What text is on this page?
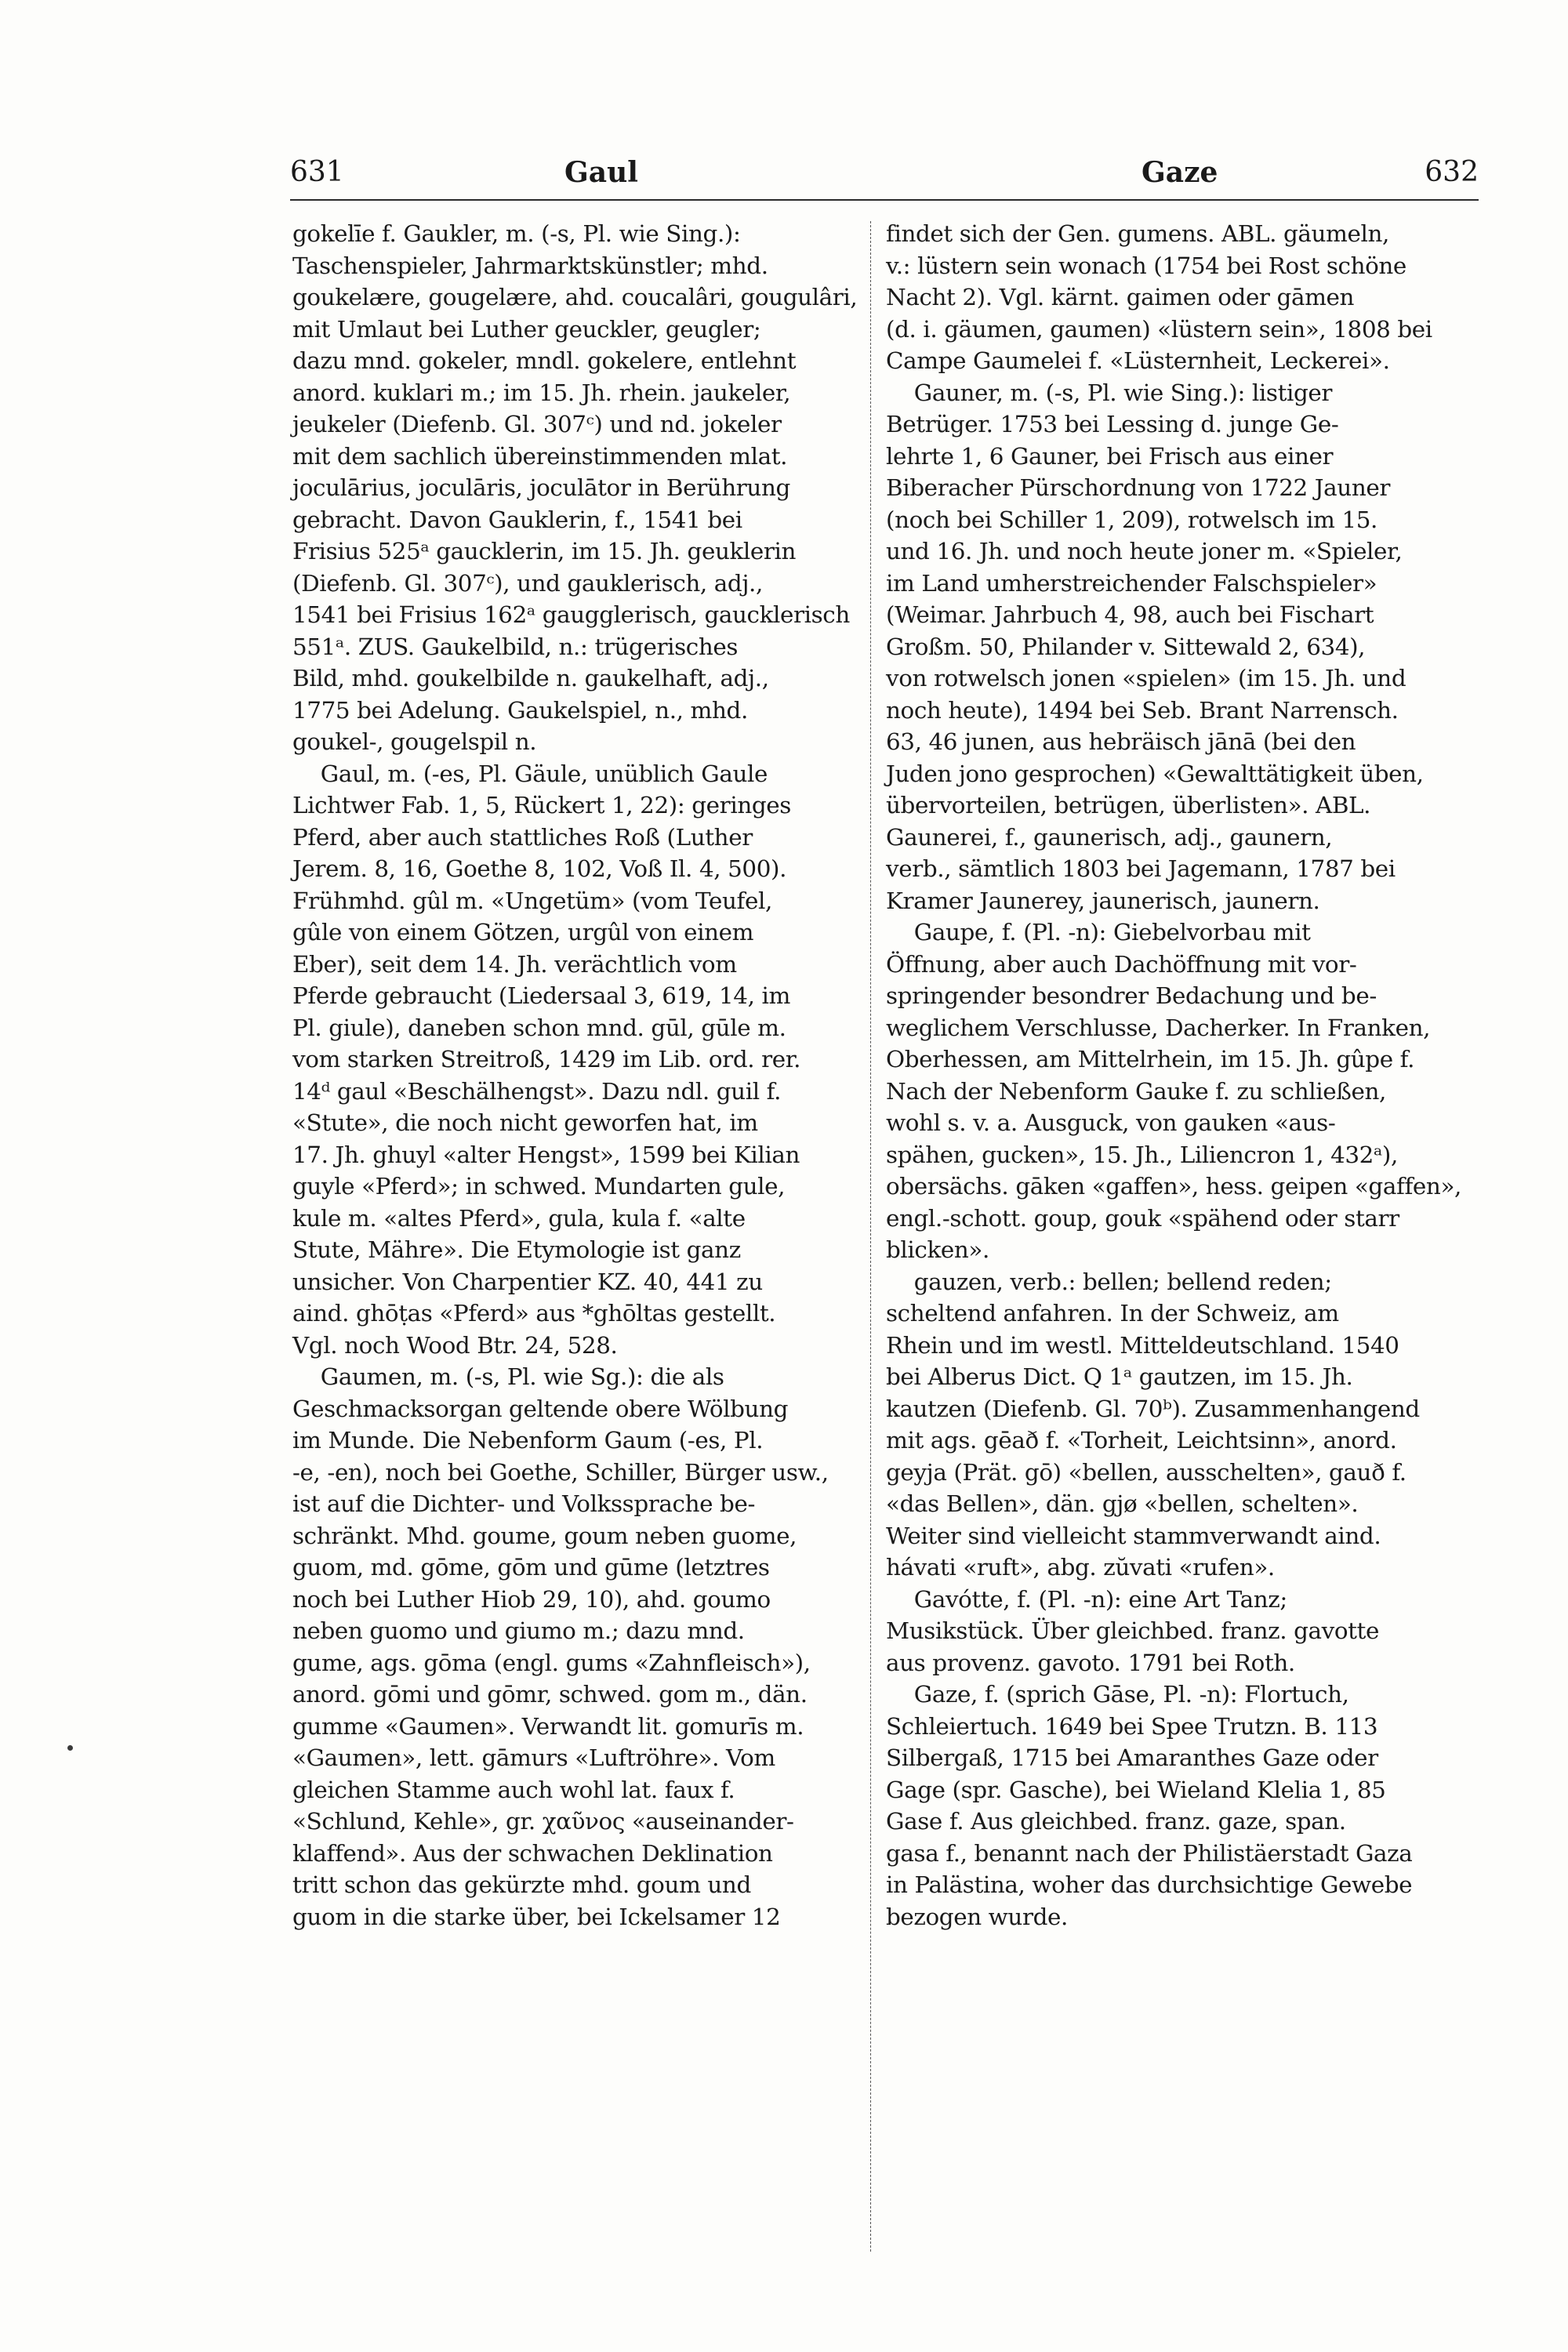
631	Gaul	Gaze	632
gokelīe f. Gaukler, m. (-s, Pl. wie Sing.):
Taschenspieler, Jahrmarktskünstler; mhd.
goukelære, gougelære, ahd. coucalâri, gougulâri,
mit Umlaut bei Luther geuckler, geugler;
dazu mnd. gokeler, mndl. gokelere, entlehnt
anord. kuklari m.; im 15. Jh. rhein. jaukeler,
jeukeler (Diefenb. Gl. 307ᶜ) und nd. jokeler
mit dem sachlich übereinstimmenden mlat.
joculārius, joculāris, joculātor in Berührung
gebracht. Davon Gauklerin, f., 1541 bei
Frisius 525ᵃ gaucklerin, im 15. Jh. geuklerin
(Diefenb. Gl. 307ᶜ), und gauklerisch, adj.,
1541 bei Frisius 162ᵃ gaugglerisch, gaucklerisch
551ᵃ. ZUS. Gaukelbild, n.: trügerisches
Bild, mhd. goukelbilde n. gaukelhaft, adj.,
1775 bei Adelung. Gaukelspiel, n., mhd.
goukel-, gougelspil n.
Gaul, m. (-es, Pl. Gäule, unüblich Gaule
Lichtwer Fab. 1, 5, Rückert 1, 22): geringes
Pferd, aber auch stattliches Roß (Luther
Jerem. 8, 16, Goethe 8, 102, Voß Il. 4, 500).
Frühmhd. gûl m. «Ungetüm» (vom Teufel,
gûle von einem Götzen, urgûl von einem
Eber), seit dem 14. Jh. verächtlich vom
Pferde gebraucht (Liedersaal 3, 619, 14, im
Pl. giule), daneben schon mnd. gūl, gūle m.
vom starken Streitroß, 1429 im Lib. ord. rer.
14ᵈ gaul «Beschälhengst». Dazu ndl. guil f.
«Stute», die noch nicht geworfen hat, im
17. Jh. ghuyl «alter Hengst», 1599 bei Kilian
guyle «Pferd»; in schwed. Mundarten gule,
kule m. «altes Pferd», gula, kula f. «alte
Stute, Mähre». Die Etymologie ist ganz
unsicher. Von Charpentier KZ. 40, 441 zu
aind. ghōṭas «Pferd» aus *ghōltas gestellt.
Vgl. noch Wood Btr. 24, 528.
Gaumen, m. (-s, Pl. wie Sg.): die als
Geschmacksorgan geltende obere Wölbung
im Munde. Die Nebenform Gaum (-es, Pl.
-e, -en), noch bei Goethe, Schiller, Bürger usw.,
ist auf die Dichter- und Volkssprache be-
schränkt. Mhd. goume, goum neben guome,
guom, md. gōme, gōm und gūme (letztres
noch bei Luther Hiob 29, 10), ahd. goumo
neben guomo und giumo m.; dazu mnd.
gume, ags. gōma (engl. gums «Zahnfleisch»),
anord. gōmi und gōmr, schwed. gom m., dän.
gumme «Gaumen». Verwandt lit. gomurīs m.
«Gaumen», lett. gāmurs «Luftröhre». Vom
gleichen Stamme auch wohl lat. faux f.
«Schlund, Kehle», gr. χαῦνος «auseinander-
klaffend». Aus der schwachen Deklination
tritt schon das gekürzte mhd. goum und
guom in die starke über, bei Ickelsamer 12
findet sich der Gen. gumens. ABL. gäumeln,
v.: lüstern sein wonach (1754 bei Rost schöne
Nacht 2). Vgl. kärnt. gaimen oder gāmen
(d. i. gäumen, gaumen) «lüstern sein», 1808 bei
Campe Gaumelei f. «Lüsternheit, Leckerei».
Gauner, m. (-s, Pl. wie Sing.): listiger
Betrüger. 1753 bei Lessing d. junge Ge-
lehrte 1, 6 Gauner, bei Frisch aus einer
Biberacher Pürschordnung von 1722 Jauner
(noch bei Schiller 1, 209), rotwelsch im 15.
und 16. Jh. und noch heute joner m. «Spieler,
im Land umherstreichender Falschspieler»
(Weimar. Jahrbuch 4, 98, auch bei Fischart
Großm. 50, Philander v. Sittewald 2, 634),
von rotwelsch jonen «spielen» (im 15. Jh. und
noch heute), 1494 bei Seb. Brant Narrensch.
63, 46 junen, aus hebräisch jānā (bei den
Juden jono gesprochen) «Gewalttätigkeit üben,
übervorteilen, betrügen, überlisten». ABL.
Gaunerei, f., gaunerisch, adj., gaunern,
verb., sämtlich 1803 bei Jagemann, 1787 bei
Kramer Jaunerey, jaunerisch, jaunern.
Gaupe, f. (Pl. -n): Giebelvorbau mit
Öffnung, aber auch Dachöffnung mit vor-
springender besondrer Bedachung und be-
weglichem Verschlusse, Dacherker. In Franken,
Oberhessen, am Mittelrhein, im 15. Jh. gûpe f.
Nach der Nebenform Gauke f. zu schließen,
wohl s. v. a. Ausguck, von gauken «aus-
spähen, gucken», 15. Jh., Liliencron 1, 432ᵃ),
obersächs. gāken «gaffen», hess. geipen «gaffen»,
engl.-schott. goup, gouk «spähend oder starr
blicken».
gauzen, verb.: bellen; bellend reden;
scheltend anfahren. In der Schweiz, am
Rhein und im westl. Mitteldeutschland. 1540
bei Alberus Dict. Q 1ᵃ gautzen, im 15. Jh.
kautzen (Diefenb. Gl. 70ᵇ). Zusammenhangend
mit ags. gēað f. «Torheit, Leichtsinn», anord.
geyja (Prät. gō) «bellen, ausschelten», gauð f.
«das Bellen», dän. gjø «bellen, schelten».
Weiter sind vielleicht stammverwandt aind.
hávati «ruft», abg. zŭvati «rufen».
Gavótte, f. (Pl. -n): eine Art Tanz;
Musikstück. Über gleichbed. franz. gavotte
aus provenz. gavoto. 1791 bei Roth.
Gaze, f. (sprich Gāse, Pl. -n): Flortuch,
Schleiertuch. 1649 bei Spee Trutzn. B. 113
Silbergaß, 1715 bei Amaranthes Gaze oder
Gage (spr. Gasche), bei Wieland Klelia 1, 85
Gase f. Aus gleichbed. franz. gaze, span.
gasa f., benannt nach der Philistäerstadt Gaza
in Palästina, woher das durchsichtige Gewebe
bezogen wurde.
